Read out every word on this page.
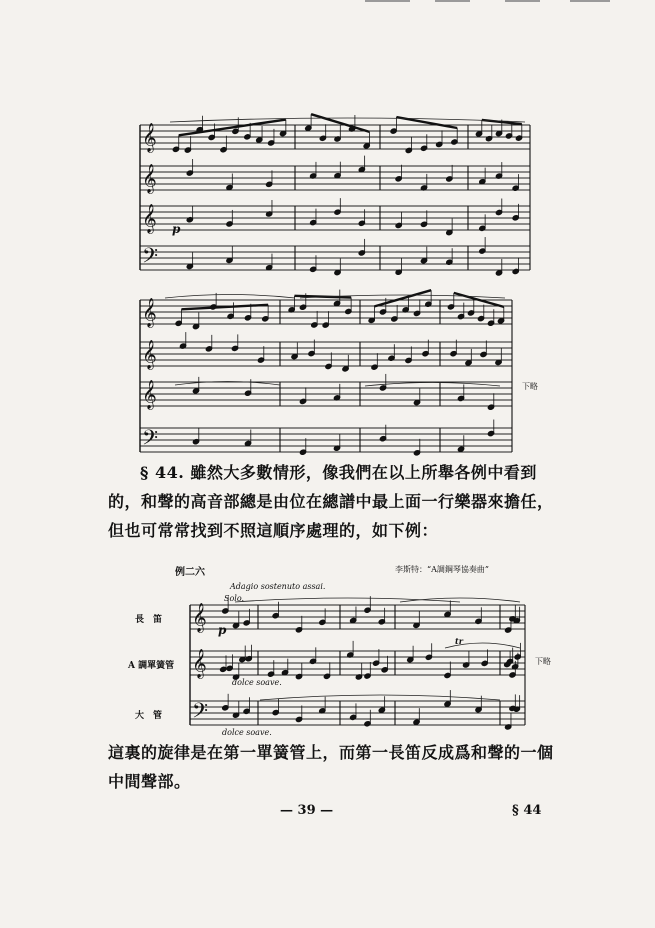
𝄞
𝄞
𝄞
𝄢
𝄞
𝄞
𝄞
𝄢
𝄞
𝄞
𝄢
§ 44. 雖然大多數情形，像我們在以上所舉各例中看到的，和聲的高音部總是由位在總譜中最上面一行樂器來擔任，但也可常常找到不照這順序處理的，如下例：
例二六	李斯特：“A調鋼琴協奏曲”
Adagio sostenuto assai.
長　笛
A 調單簧管
大　管
Solo.
p
dolce soave.
dolce soave.
tr
下略
p
下略
這裏的旋律是在第一單簧管上，而第一長笛反成爲和聲的一個中間聲部。
— 39 —	§ 44
